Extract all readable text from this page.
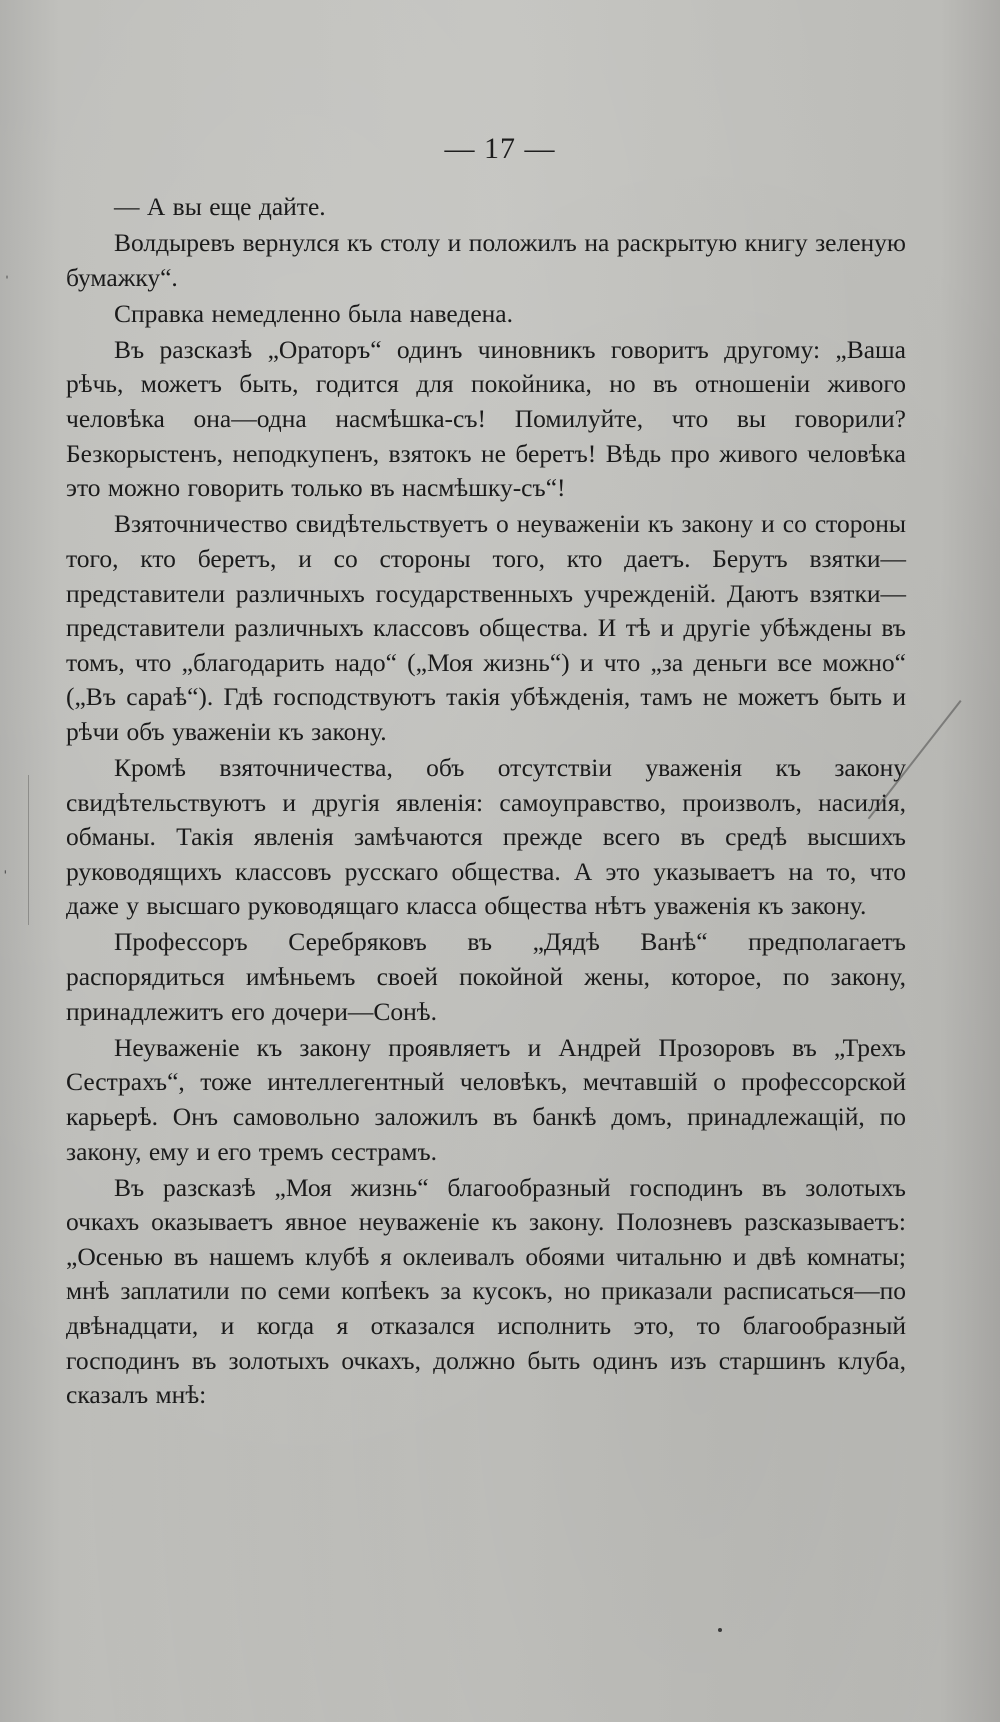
— 17 —

— А вы еще дайте.

Волдыревъ вернулся къ столу и положилъ на раскрытую книгу зеленую бумажку“.

Справка немедленно была наведена.

Въ разсказѣ „Ораторъ“ одинъ чиновникъ говоритъ другому: „Ваша рѣчь, можетъ быть, годится для покойника, но въ отношеніи живого человѣка она—одна насмѣшка-съ! Помилуйте, что вы говорили? Безкорыстенъ, неподкупенъ, взятокъ не беретъ! Вѣдь про живого человѣка это можно говорить только въ насмѣшку-съ“!

Взяточничество свидѣтельствуетъ о неуваженіи къ закону и со стороны того, кто беретъ, и со стороны того, кто даетъ. Берутъ взятки—представители различныхъ государственныхъ учрежденій. Даютъ взятки—представители различныхъ классовъ общества. И тѣ и другіе убѣждены въ томъ, что „благодарить надо“ („Моя жизнь“) и что „за деньги все можно“ („Въ сараѣ“). Гдѣ господствуютъ такія убѣжденія, тамъ не можетъ быть и рѣчи объ уваженіи къ закону.

Кромѣ взяточничества, объ отсутствіи уваженія къ закону свидѣтельствуютъ и другія явленія: самоуправство, произволъ, насилія, обманы. Такія явленія замѣчаются прежде всего въ средѣ высшихъ руководящихъ классовъ русскаго общества. А это указываетъ на то, что даже у высшаго руководящаго класса общества нѣтъ уваженія къ закону.

Профессоръ Серебряковъ въ „Дядѣ Ванѣ“ предполагаетъ распорядиться имѣньемъ своей покойной жены, которое, по закону, принадлежитъ его дочери—Сонѣ.

Неуваженіе къ закону проявляетъ и Андрей Прозоровъ въ „Трехъ Сестрахъ“, тоже интеллегентный человѣкъ, мечтавшій о профессорской карьерѣ. Онъ самовольно заложилъ въ банкѣ домъ, принадлежащій, по закону, ему и его тремъ сестрамъ.

Въ разсказѣ „Моя жизнь“ благообразный господинъ въ золотыхъ очкахъ оказываетъ явное неуваженіе къ закону. Полозневъ разсказываетъ: „Осенью въ нашемъ клубѣ я оклеивалъ обоями читальню и двѣ комнаты; мнѣ заплатили по семи копѣекъ за кусокъ, но приказали расписаться—по двѣнадцати, и когда я отказался исполнить это, то благообразный господинъ въ золотыхъ очкахъ, должно быть одинъ изъ старшинъ клуба, сказалъ мнѣ:

ˈ
ˌ
